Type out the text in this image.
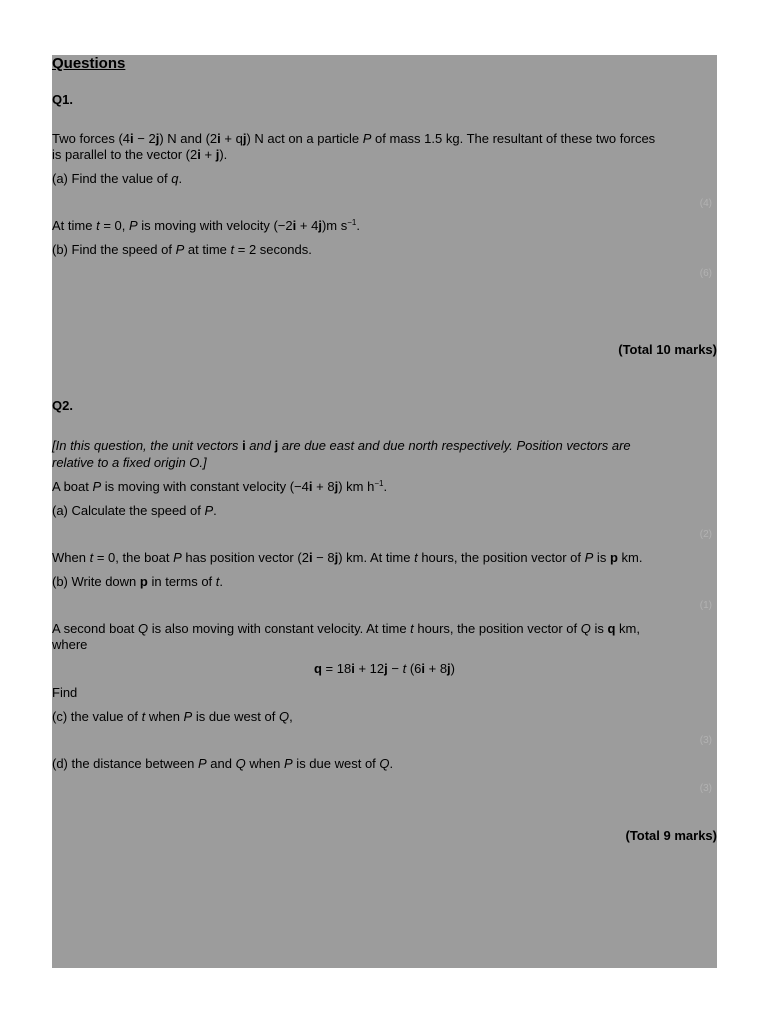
Questions
Q1.
Two forces (4i − 2j) N and (2i + qj) N act on a particle P of mass 1.5 kg. The resultant of these two forces
is parallel to the vector (2i + j).
(a) Find the value of q.
(4)
At time t = 0, P is moving with velocity (−2i + 4j)m $s^{-1}$.
(b) Find the speed of P at time t = 2 seconds.
(6)
(Total 10 marks)
Q2.
[In this question, the unit vectors i and j are due east and due north respectively. Position vectors are
relative to a fixed origin O.]
A boat P is moving with constant velocity (−4i + 8j) km $h^{-1}$.
(a) Calculate the speed of P.
(2)
When t = 0, the boat P has position vector (2i − 8j) km. At time t hours, the position vector of P is p km.
(b) Write down p in terms of t.
(1)
A second boat Q is also moving with constant velocity. At time t hours, the position vector of Q is q km,
where
q = 18i + 12j − t (6i + 8j)
Find
(c) the value of t when P is due west of Q,
(3)
(d) the distance between P and Q when P is due west of Q.
(3)
(Total 9 marks)
